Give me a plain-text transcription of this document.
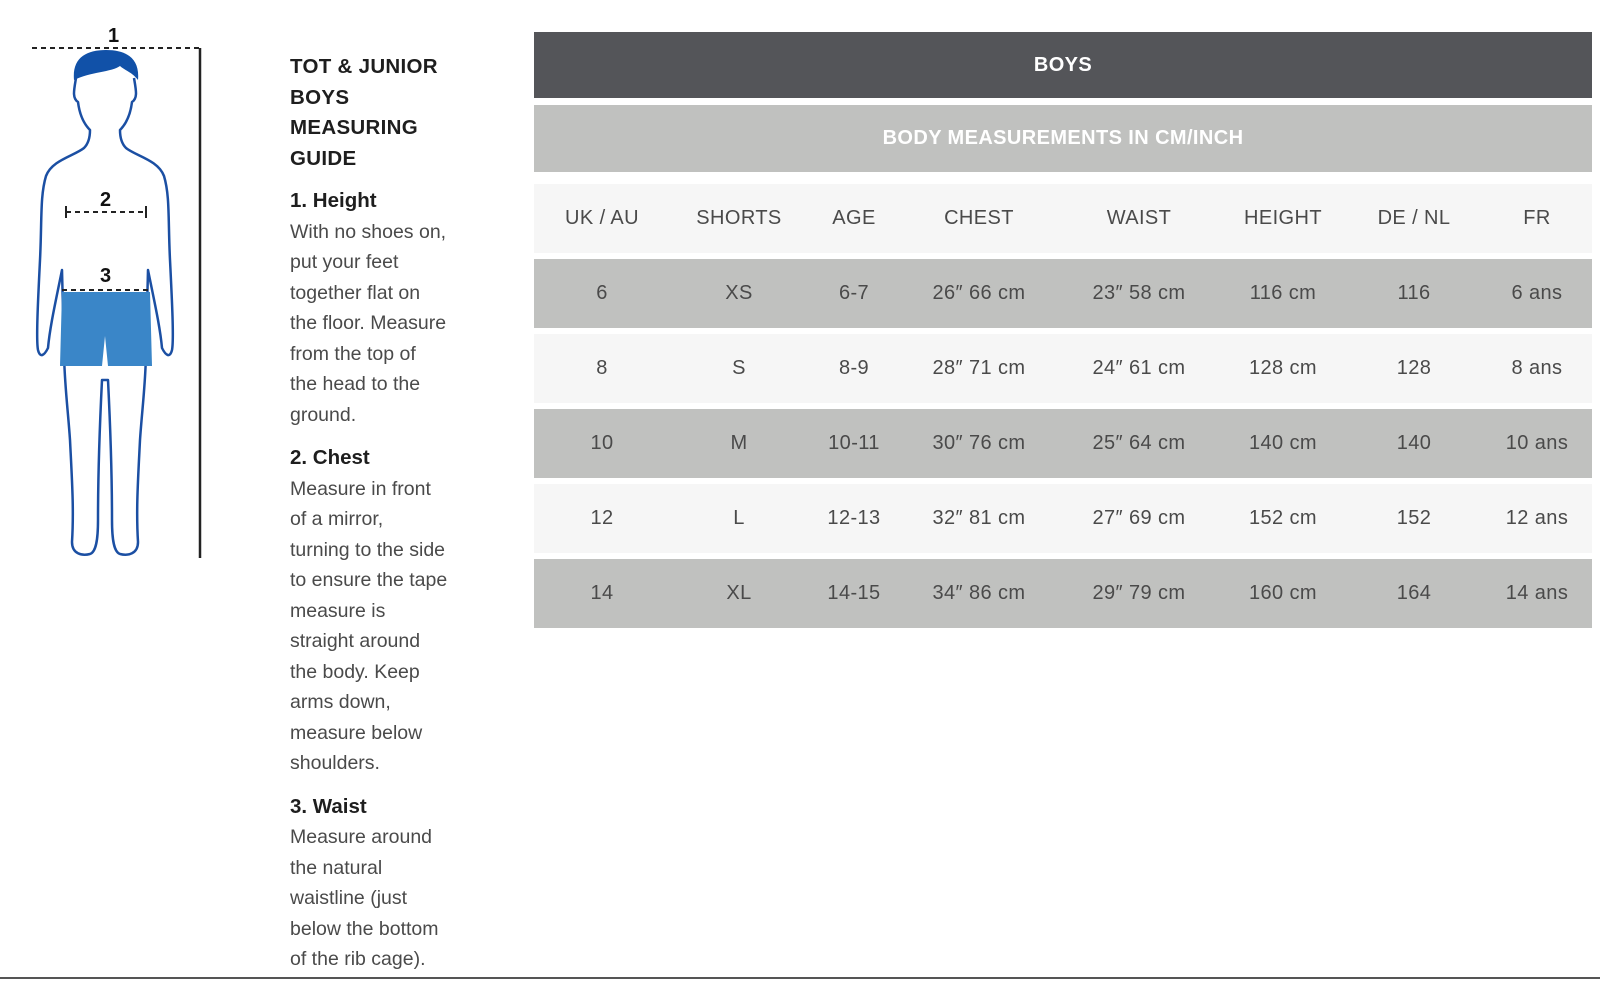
1
2
3
TOT & JUNIOR
BOYS
MEASURING
GUIDE

1. Height

With no shoes on,
put your feet
together flat on
the floor. Measure
from the top of
the head to the
ground.

2. Chest

Measure in front
of a mirror,
turning to the side
to ensure the tape
measure is
straight around
the body. Keep
arms down,
measure below
shoulders.

3. Waist

Measure around
the natural
waistline (just
below the bottom
of the rib cage).
BOYS
BODY MEASUREMENTS IN CM/INCH
UK / AU	SHORTS	AGE	CHEST	WAIST	HEIGHT	DE / NL	FR
6	XS	6-7	26″ 66 cm	23″ 58 cm	116 cm	116	6 ans
8	S	8-9	28″ 71 cm	24″ 61 cm	128 cm	128	8 ans
10	M	10-11	30″ 76 cm	25″ 64 cm	140 cm	140	10 ans
12	L	12-13	32″ 81 cm	27″ 69 cm	152 cm	152	12 ans
14	XL	14-15	34″ 86 cm	29″ 79 cm	160 cm	164	14 ans
